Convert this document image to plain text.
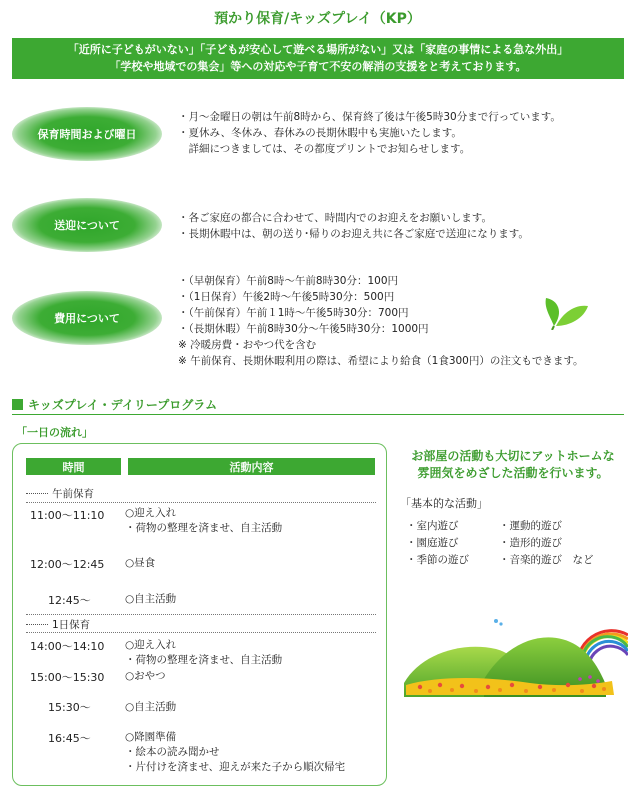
預かり保育/キッズプレイ（KP）
「近所に子どもがいない」「子どもが安心して遊べる場所がない」又は「家庭の事情による急な外出」
「学校や地域での集会」等への対応や子育て不安の解消の支援をと考えております。
保育時間および曜日
・月～金曜日の朝は午前8時から、保育終了後は午後5時30分まで行っています。
・夏休み、冬休み、春休みの長期休暇中も実施いたします。
　詳細につきましては、その都度プリントでお知らせします。
送迎について
・各ご家庭の都合に合わせて、時間内でのお迎えをお願いします。
・長期休暇中は、朝の送り･帰りのお迎え共に各ご家庭で送迎になります。
費用について
・（早朝保育）午前8時～午前8時30分：100円
・（1日保育）午後2時～午後5時30分：500円
・（午前保育）午前１1時～午後5時30分：700円
・（長期休暇）午前8時30分～午後5時30分：1000円
※ 冷暖房費・おやつ代を含む
※ 午前保育、長期休暇利用の際は、希望により給食（1食300円）の注文もできます。
キッズプレイ・デイリープログラム
「一日の流れ」
時間	活動内容
午前保育
11:00～11:10	○迎え入れ
・荷物の整理を済ませ、自主活動
12:00～12:45	○昼食
12:45～	○自主活動
1日保育
14:00～14:10	○迎え入れ
・荷物の整理を済ませ、自主活動
15:00～15:30	○おやつ
15:30～	○自主活動
16:45～	○降園準備
・絵本の読み聞かせ
・片付けを済ませ、迎えが来た子から順次帰宅
お部屋の活動も大切にアットホームな
雰囲気をめざした活動を行います。
「基本的な活動」
・室内遊び	・運動的遊び
・園庭遊び	・造形的遊び
・季節の遊び	・音楽的遊び　など
